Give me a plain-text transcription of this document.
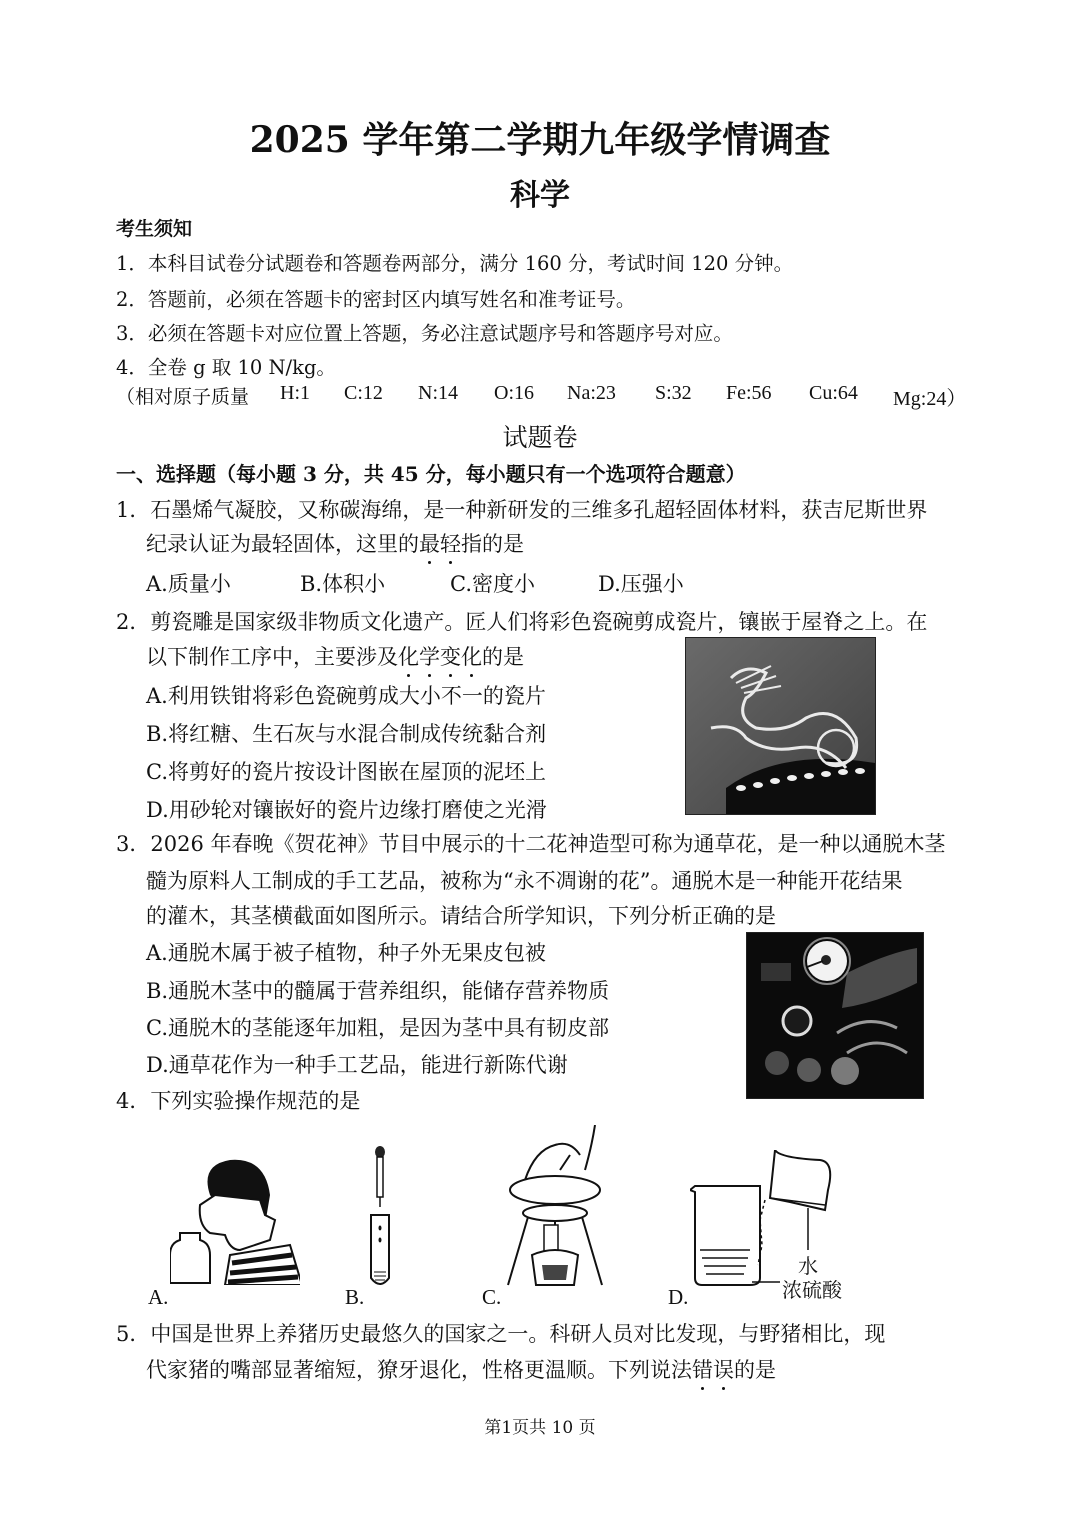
2025 学年第二学期九年级学情调查
科学
考生须知
1．本科目试卷分试题卷和答题卷两部分，满分 160 分，考试时间 120 分钟。
2．答题前，必须在答题卡的密封区内填写姓名和准考证号。
3．必须在答题卡对应位置上答题，务必注意试题序号和答题序号对应。
4．全卷 g 取 10 N/kg。
（相对原子质量 H:1 C:12 N:14 O:16 Na:23 S:32 Fe:56 Cu:64 Mg:24）
试题卷
一、选择题（每小题 3 分，共 45 分，每小题只有一个选项符合题意）
1．石墨烯气凝胶，又称碳海绵，是一种新研发的三维多孔超轻固体材料，获吉尼斯世界
纪录认证为最轻固体，这里的最轻指的是
A.质量小	B.体积小	C.密度小	D.压强小
2．剪瓷雕是国家级非物质文化遗产。匠人们将彩色瓷碗剪成瓷片，镶嵌于屋脊之上。在
以下制作工序中，主要涉及化学变化的是
A.利用铁钳将彩色瓷碗剪成大小不一的瓷片
B.将红糖、生石灰与水混合制成传统黏合剂
C.将剪好的瓷片按设计图嵌在屋顶的泥坯上
D.用砂轮对镶嵌好的瓷片边缘打磨使之光滑
3．2026 年春晚《贺花神》节目中展示的十二花神造型可称为通草花，是一种以通脱木茎
髓为原料人工制成的手工艺品，被称为“永不凋谢的花”。通脱木是一种能开花结果
的灌木，其茎横截面如图所示。请结合所学知识，下列分析正确的是
A.通脱木属于被子植物，种子外无果皮包被
B.通脱木茎中的髓属于营养组织，能储存营养物质
C.通脱木的茎能逐年加粗，是因为茎中具有韧皮部
D.通草花作为一种手工艺品，能进行新陈代谢
4．下列实验操作规范的是
A.	B.	C.
水
浓硫酸
D.
5．中国是世界上养猪历史最悠久的国家之一。科研人员对比发现，与野猪相比，现
代家猪的嘴部显著缩短，獠牙退化，性格更温顺。下列说法错误的是
第1页共 10 页
